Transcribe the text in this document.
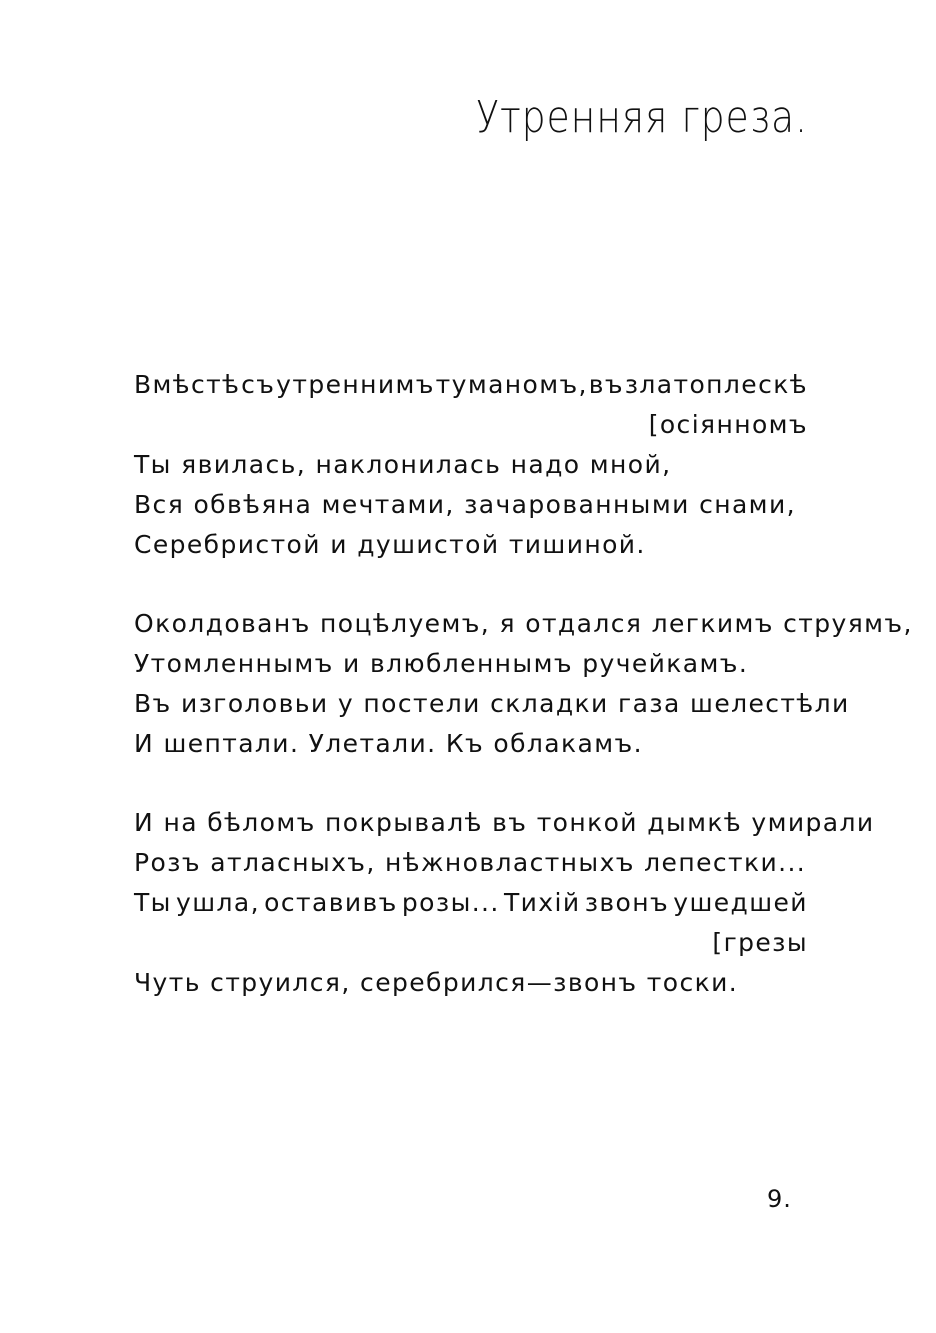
Утренняя греза.
Вмѣстѣ съ утреннимъ туманомъ, въ златоплескѣ
[осіянномъ
Ты явилась, наклонилась надо мной,
Вся обвѣяна мечтами, зачарованными снами,
Серебристой и душистой тишиной.
Околдованъ поцѣлуемъ, я отдался легкимъ струямъ,
Утомленнымъ и влюбленнымъ ручейкамъ.
Въ изголовьи у постели складки газа шелестѣли
И шептали. Улетали. Къ облакамъ.
И на бѣломъ покрывалѣ въ тонкой дымкѣ умирали
Розъ атласныхъ, нѣжновластныхъ лепестки...
Ты ушла, оставивъ розы... Тихій звонъ ушедшей
[грезы
Чуть струился, серебрился—звонъ тоски.
9.
